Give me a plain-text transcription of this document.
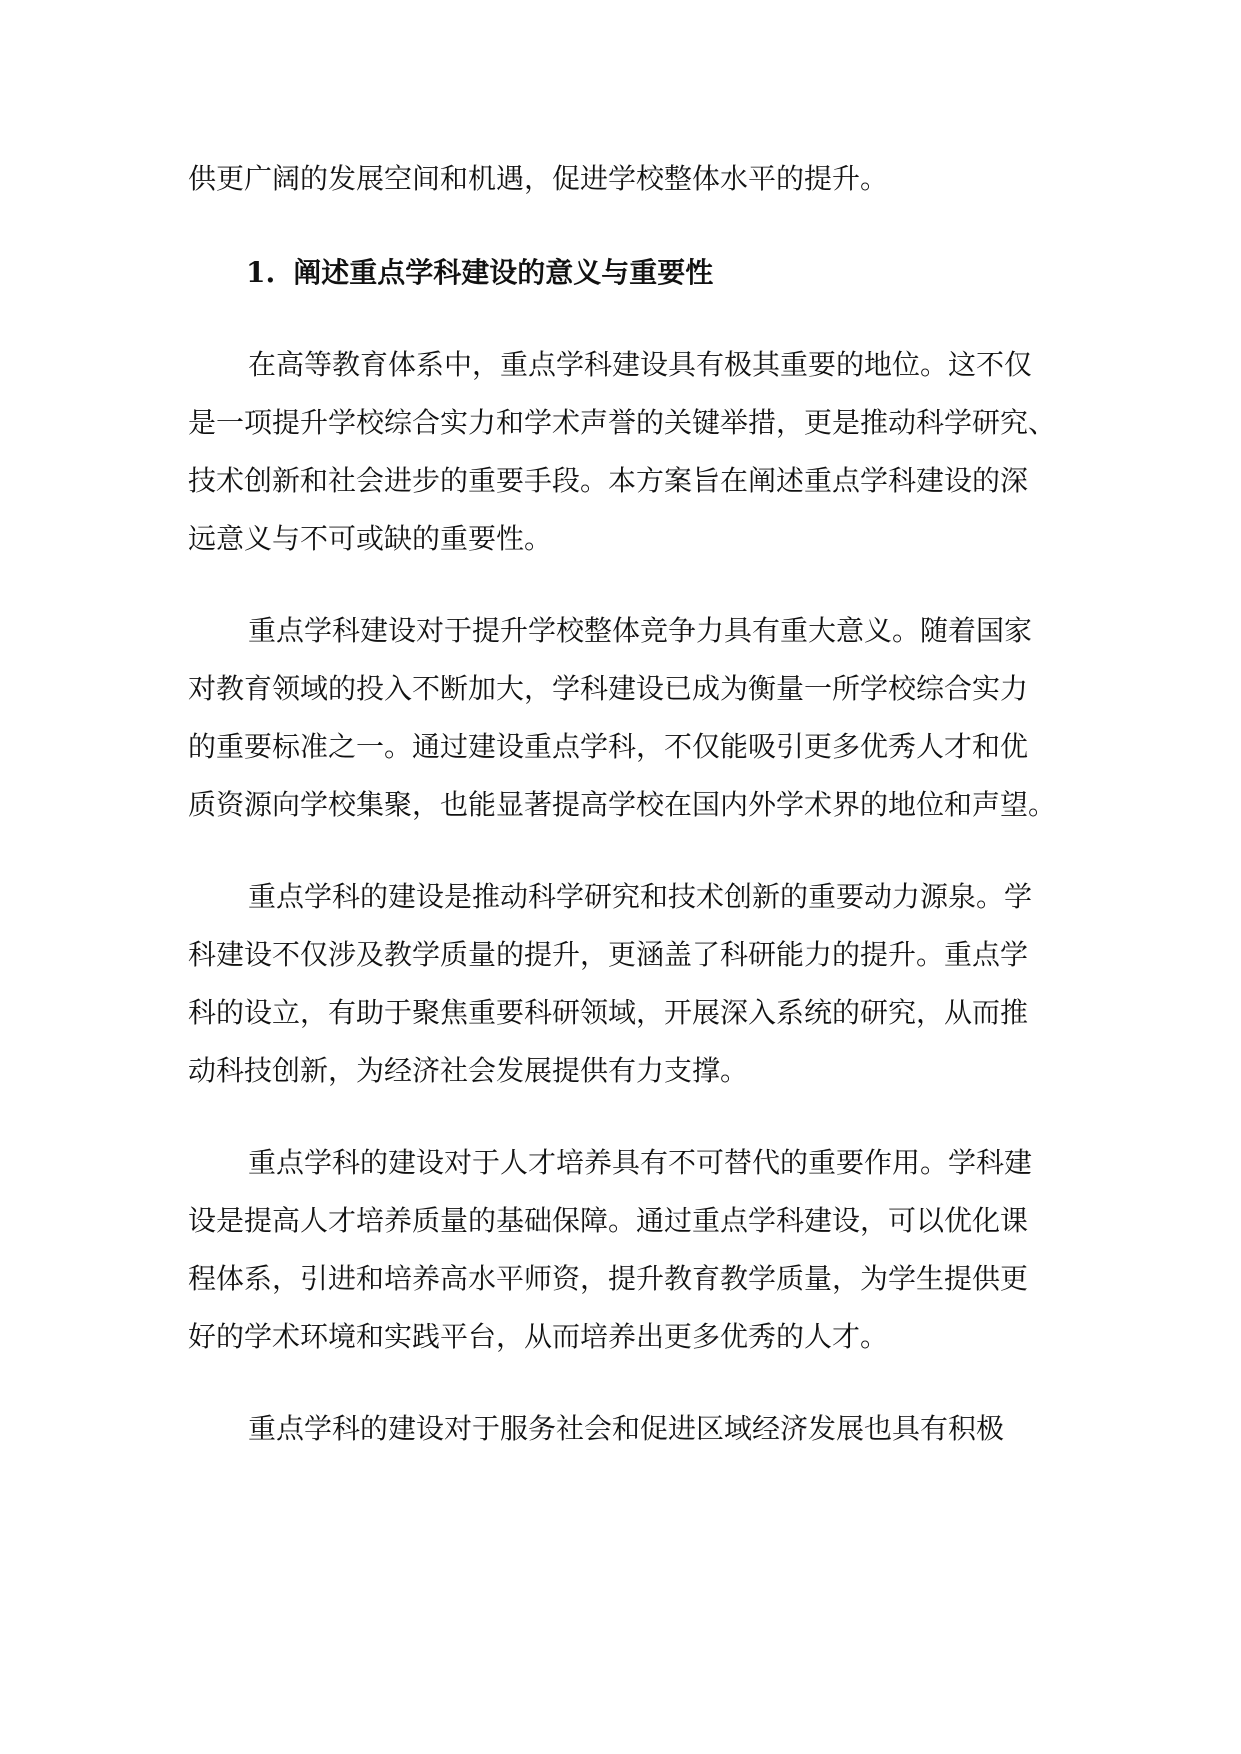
供更广阔的发展空间和机遇，促进学校整体水平的提升。

1. 阐述重点学科建设的意义与重要性

在高等教育体系中，重点学科建设具有极其重要的地位。这不仅

是一项提升学校综合实力和学术声誉的关键举措，更是推动科学研究、

技术创新和社会进步的重要手段。本方案旨在阐述重点学科建设的深

远意义与不可或缺的重要性。

重点学科建设对于提升学校整体竞争力具有重大意义。随着国家

对教育领域的投入不断加大，学科建设已成为衡量一所学校综合实力

的重要标准之一。通过建设重点学科，不仅能吸引更多优秀人才和优

质资源向学校集聚，也能显著提高学校在国内外学术界的地位和声望。

重点学科的建设是推动科学研究和技术创新的重要动力源泉。学

科建设不仅涉及教学质量的提升，更涵盖了科研能力的提升。重点学

科的设立，有助于聚焦重要科研领域，开展深入系统的研究，从而推

动科技创新，为经济社会发展提供有力支撑。

重点学科的建设对于人才培养具有不可替代的重要作用。学科建

设是提高人才培养质量的基础保障。通过重点学科建设，可以优化课

程体系，引进和培养高水平师资，提升教育教学质量，为学生提供更

好的学术环境和实践平台，从而培养出更多优秀的人才。

重点学科的建设对于服务社会和促进区域经济发展也具有积极
